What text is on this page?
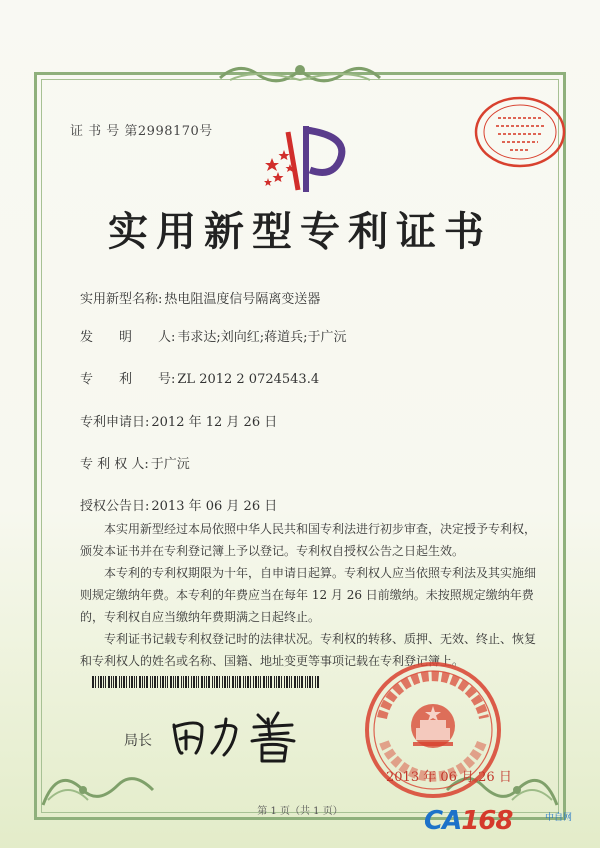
证 书 号 第2998170号
实用新型专利证书
实用新型名称: 热电阻温度信号隔离变送器
发　　明　　人: 韦求达;刘向红;蒋道兵;于广沅
专　　利　　号: ZL 2012 2 0724543.4
专利申请日: 2012 年 12 月 26 日
专 利 权 人: 于广沅
授权公告日: 2013 年 06 月 26 日

本实用新型经过本局依照中华人民共和国专利法进行初步审查，决定授予专利权，颁发本证书并在专利登记簿上予以登记。专利权自授权公告之日起生效。

本专利的专利权期限为十年，自申请日起算。专利权人应当依照专利法及其实施细则规定缴纳年费。本专利的年费应当在每年 12 月 26 日前缴纳。未按照规定缴纳年费的，专利权自应当缴纳年费期满之日起终止。

专利证书记载专利权登记时的法律状况。专利权的转移、质押、无效、终止、恢复和专利权人的姓名或名称、国籍、地址变更等事项记载在专利登记簿上。

局长
2013 年 06 月 26 日
第 1 页（共 1 页）	CA168	中自网
